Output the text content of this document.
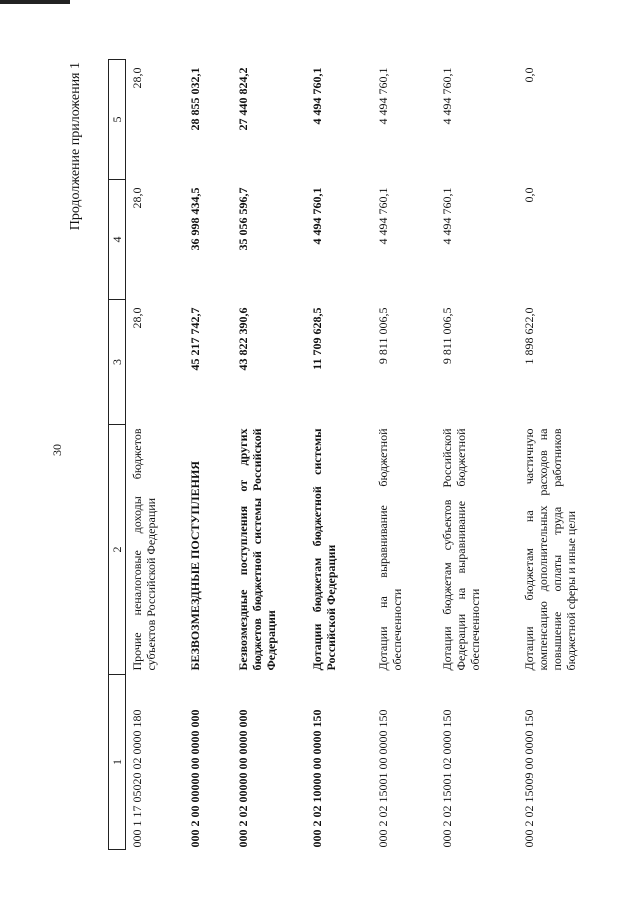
30
Продолжение приложения 1
1	2	3	4	5
000 1 17 05020 02 0000 180	Прочие неналоговые доходы бюджетов субъектов Российской Федерации	28,0	28,0	28,0
000 2 00 00000 00 0000 000	БЕЗВОЗМЕЗДНЫЕ ПОСТУПЛЕНИЯ	45 217 742,7	36 998 434,5	28 855 032,1
000 2 02 00000 00 0000 000	Безвозмездные поступления от других бюджетов бюджетной системы Российской Федерации	43 822 390,6	35 056 596,7	27 440 824,2
000 2 02 10000 00 0000 150	Дотации бюджетам бюджетной системы Российской Федерации	11 709 628,5	4 494 760,1	4 494 760,1
000 2 02 15001 00 0000 150	Дотации на выравнивание бюджетной обеспеченности	9 811 006,5	4 494 760,1	4 494 760,1
000 2 02 15001 02 0000 150	Дотации бюджетам субъектов Российской Федерации на выравнивание бюджетной обеспеченности	9 811 006,5	4 494 760,1	4 494 760,1
000 2 02 15009 00 0000 150	Дотации бюджетам на частичную компенсацию дополнительных расходов на повышение оплаты труда работников бюджетной сферы и иные цели	1 898 622,0	0,0	0,0
